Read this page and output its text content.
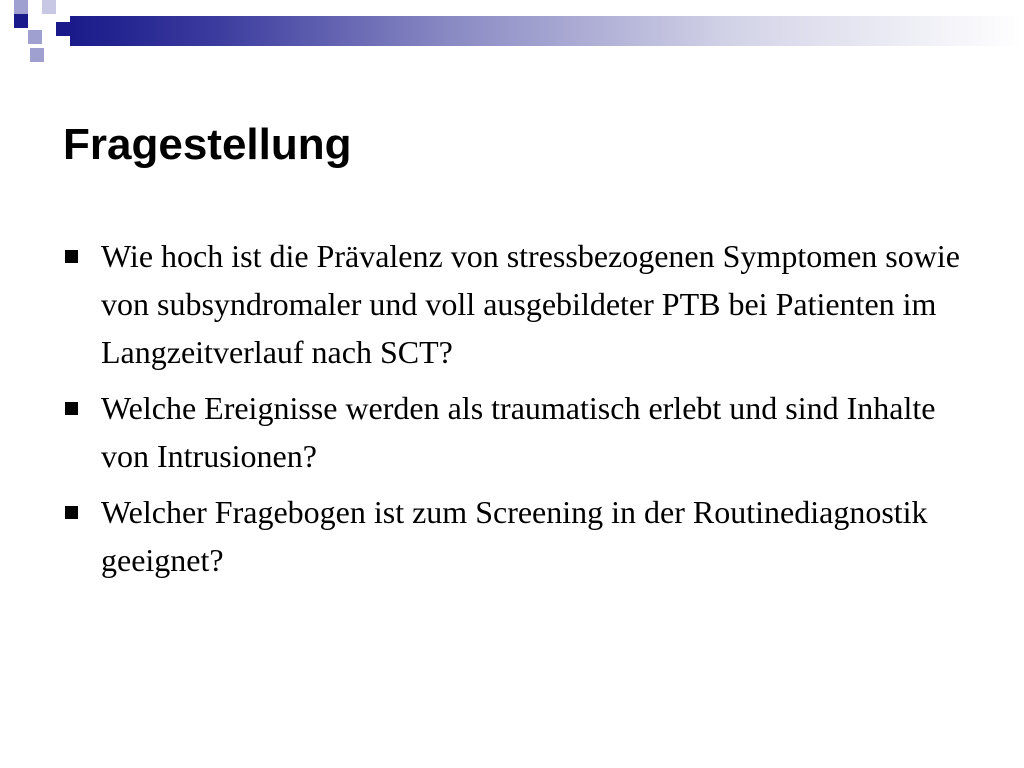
Fragestellung
Wie hoch ist die Prävalenz von stressbezogenen Symptomen sowie von subsyndromaler und voll ausgebildeter PTB bei Patienten im Langzeitverlauf nach SCT?
Welche Ereignisse werden als traumatisch erlebt und sind Inhalte von Intrusionen?
Welcher Fragebogen ist zum Screening in der Routinediagnostik geeignet?
